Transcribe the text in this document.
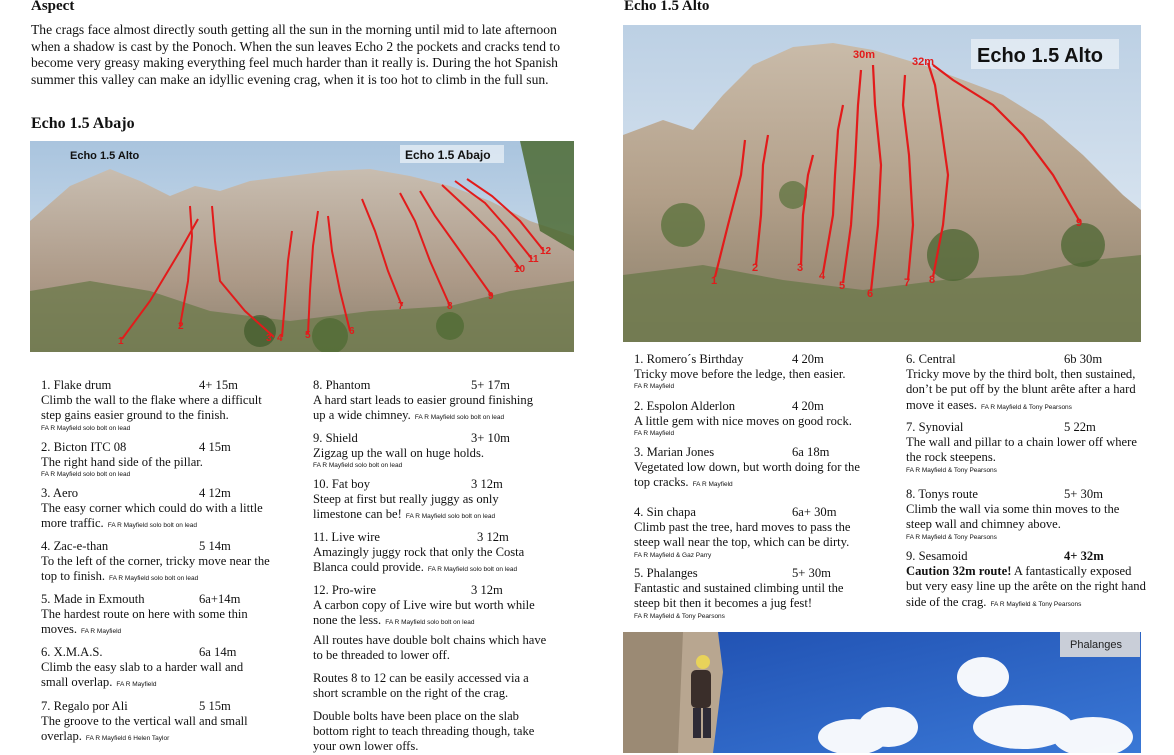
Aspect
The crags face almost directly south getting all the sun in the morning until mid to late afternoon when a shadow is cast by the Ponoch. When the sun leaves Echo 2 the pockets and cracks tend to become very greasy making everything feel much harder than it really is. During the hot Spanish summer this valley can make an idyllic evening crag, when it is too hot to climb in the full sun.
Echo 1.5 Abajo
1
2
3 4 5	6
7	8
9
10
11
12
Echo 1.5 Alto	Echo 1.5 Abajo
1. Flake drum	4+ 15m
Climb the wall to the flake where a difficult step gains easier ground to the finish.
FA R Mayfield solo bolt on lead
2. Bicton ITC 08	4 15m
The right hand side of the pillar.
FA R Mayfield solo bolt on lead
3. Aero	4 12m
The easy corner which could do with a little more traffic. FA R Mayfield solo bolt on lead
4. Zac-e-than	5 14m
To the left of the corner, tricky move near the top to finish. FA R Mayfield solo bolt on lead
5. Made in Exmouth	6a+14m
The hardest route on here with some thin moves. FA R Mayfield
6. X.M.A.S.	6a 14m
Climb the easy slab to a harder wall and small overlap. FA R Mayfield
7. Regalo por Ali	5 15m
The groove to the vertical wall and small overlap. FA R Mayfield 6 Helen Taylor
8. Phantom	5+ 17m
A hard start leads to easier ground finishing up a wide chimney. FA R Mayfield solo bolt on lead
9. Shield	3+ 10m
Zigzag up the wall on huge holds.
FA R Mayfield solo bolt on lead
10. Fat boy	3 12m
Steep at first but really juggy as only limestone can be! FA R Mayfield solo bolt on lead
11. Live wire	3 12m
Amazingly juggy rock that only the Costa Blanca could provide. FA R Mayfield solo bolt on lead
12. Pro-wire	3 12m
A carbon copy of Live wire but worth while none the less. FA R Mayfield solo bolt on lead
All routes have double bolt chains which have to be threaded to lower off.
Routes 8 to 12 can be easily accessed via a short scramble on the right of the crag.
Double bolts have been place on the slab bottom right to teach threading though, take your own lower offs.
Echo 1.5 Alto
1
2	3
4
5
6
7 8
9
30m
32m Echo 1.5 Alto
1. Romero´s Birthday	4 20m
Tricky move before the ledge, then easier.
FA R Mayfield
2. Espolon Alderlon	4 20m
A little gem with nice moves on good rock.
FA R Mayfield
3. Marian Jones	6a 18m
Vegetated low down, but worth doing for the top cracks. FA R Mayfield
4. Sin chapa	6a+ 30m
Climb past the tree, hard moves to pass the steep wall near the top, which can be dirty.
FA R Mayfield & Gaz Parry
5. Phalanges	5+ 30m
Fantastic and sustained climbing until the steep bit then it becomes a jug fest!
FA R Mayfield & Tony Pearsons
6. Central	6b 30m
Tricky move by the third bolt, then sustained, don’t be put off by the blunt arête after a hard move it eases. FA R Mayfield & Tony Pearsons
7. Synovial	5 22m
The wall and pillar to a chain lower off where the rock steepens.
FA R Mayfield & Tony Pearsons
8. Tonys route	5+ 30m
Climb the wall via some thin moves to the steep wall and chimney above.
FA R Mayfield & Tony Pearsons
9. Sesamoid	4+ 32m
Caution 32m route! A fantastically exposed but very easy line up the arête on the right hand side of the crag. FA R Mayfield & Tony Pearsons
Phalanges
